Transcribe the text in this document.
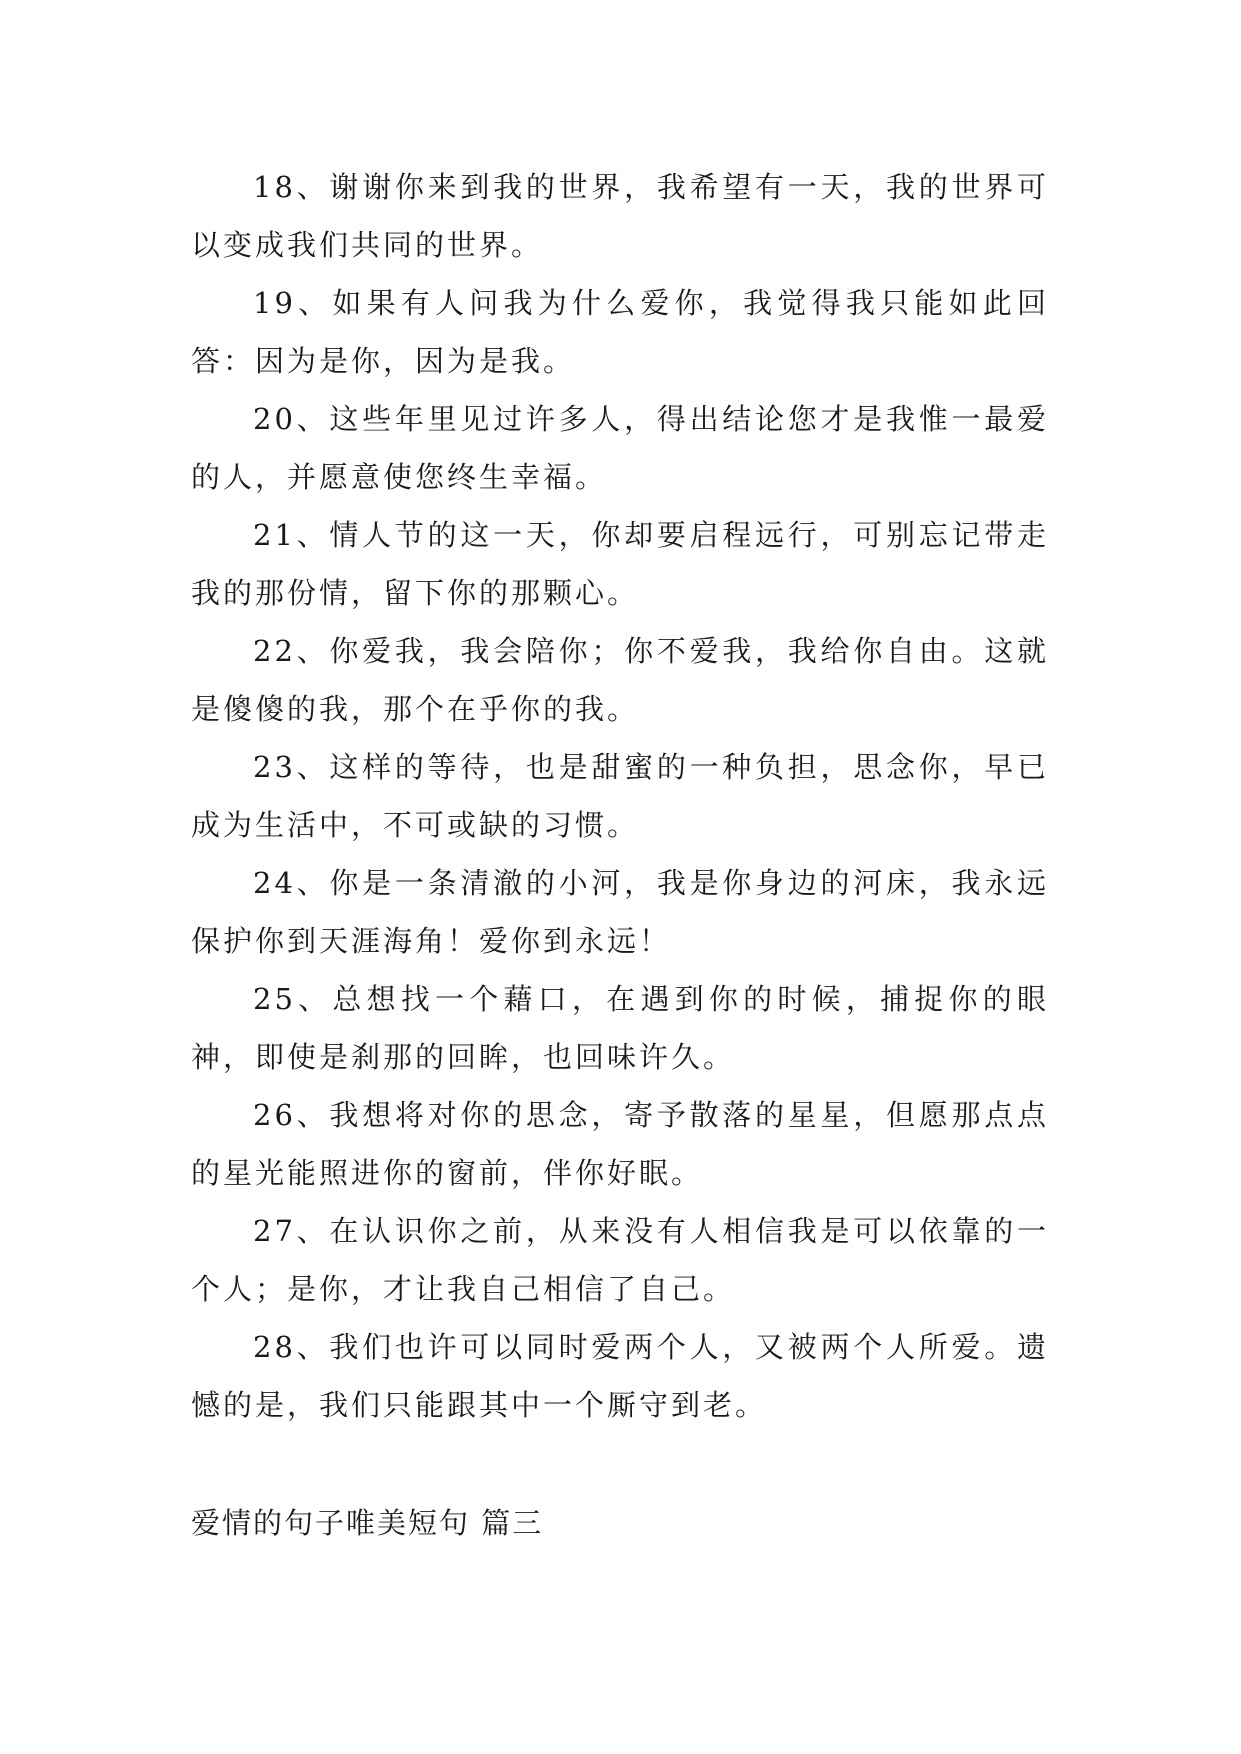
18、谢谢你来到我的世界，我希望有一天，我的世界可以变成我们共同的世界。

19、如果有人问我为什么爱你，我觉得我只能如此回答：因为是你，因为是我。

20、这些年里见过许多人，得出结论您才是我惟一最爱的人，并愿意使您终生幸福。

21、情人节的这一天，你却要启程远行，可别忘记带走我的那份情，留下你的那颗心。

22、你爱我，我会陪你；你不爱我，我给你自由。这就是傻傻的我，那个在乎你的我。

23、这样的等待，也是甜蜜的一种负担，思念你，早已成为生活中，不可或缺的习惯。

24、你是一条清澈的小河，我是你身边的河床，我永远保护你到天涯海角！爱你到永远！

25、总想找一个藉口，在遇到你的时候，捕捉你的眼神，即使是刹那的回眸，也回味许久。

26、我想将对你的思念，寄予散落的星星，但愿那点点的星光能照进你的窗前，伴你好眠。

27、在认识你之前，从来没有人相信我是可以依靠的一个人；是你，才让我自己相信了自己。

28、我们也许可以同时爱两个人，又被两个人所爱。遗憾的是，我们只能跟其中一个厮守到老。

爱情的句子唯美短句 篇三
